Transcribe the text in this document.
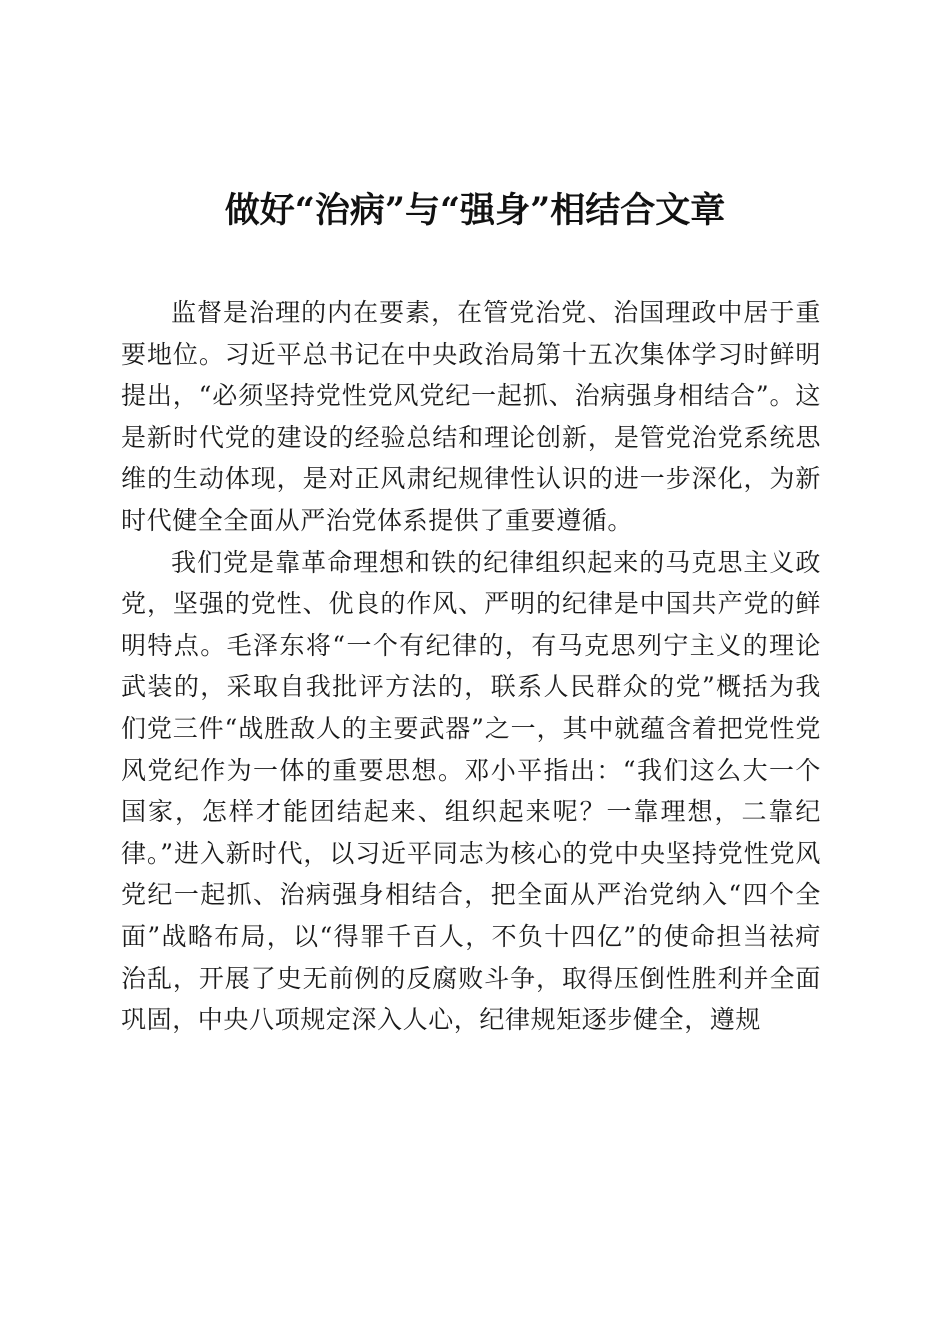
做好“治病”与“强身”相结合文章

监督是治理的内在要素，在管党治党、治国理政中居于重要地位。习近平总书记在中央政治局第十五次集体学习时鲜明提出，“必须坚持党性党风党纪一起抓、治病强身相结合”。这是新时代党的建设的经验总结和理论创新，是管党治党系统思维的生动体现，是对正风肃纪规律性认识的进一步深化，为新时代健全全面从严治党体系提供了重要遵循。

我们党是靠革命理想和铁的纪律组织起来的马克思主义政党，坚强的党性、优良的作风、严明的纪律是中国共产党的鲜明特点。毛泽东将“一个有纪律的，有马克思列宁主义的理论武装的，采取自我批评方法的，联系人民群众的党”概括为我们党三件“战胜敌人的主要武器”之一，其中就蕴含着把党性党风党纪作为一体的重要思想。邓小平指出：“我们这么大一个国家，怎样才能团结起来、组织起来呢？一靠理想，二靠纪律。”进入新时代，以习近平同志为核心的党中央坚持党性党风党纪一起抓、治病强身相结合，把全面从严治党纳入“四个全面”战略布局，以“得罪千百人，不负十四亿”的使命担当祛疴治乱，开展了史无前例的反腐败斗争，取得压倒性胜利并全面巩固，中央八项规定深入人心，纪律规矩逐步健全，遵规
